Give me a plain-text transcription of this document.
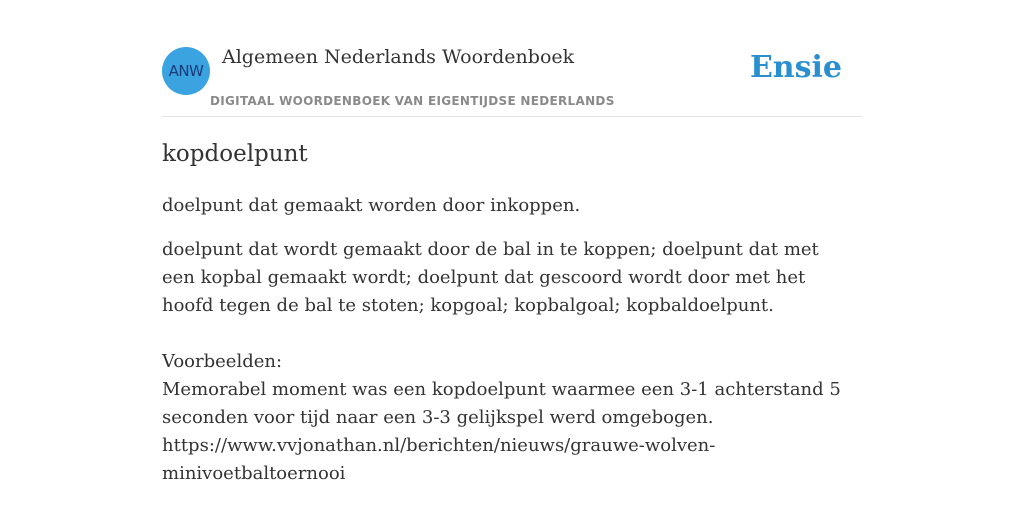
ANW
Algemeen Nederlands Woordenboek
DIGITAAL WOORDENBOEK VAN EIGENTIJDSE NEDERLANDS
Ensie
kopdoelpunt

doelpunt dat gemaakt worden door inkoppen.

doelpunt dat wordt gemaakt door de bal in te koppen; doelpunt dat met een kopbal gemaakt wordt; doelpunt dat gescoord wordt door met het hoofd tegen de bal te stoten; kopgoal; kopbalgoal; kopbaldoelpunt.

Voorbeelden:
Memorabel moment was een kopdoelpunt waarmee een 3-1 achterstand 5 seconden voor tijd naar een 3-3 gelijkspel werd omgebogen.
https://www.vvjonathan.nl/berichten/nieuws/grauwe-wolven-
minivoetbaltoernooi
